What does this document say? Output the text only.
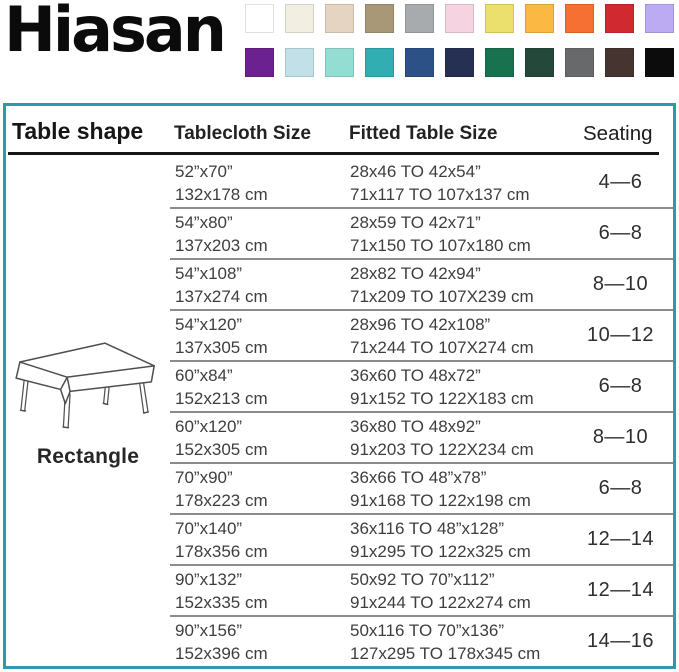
Hiasan
Table shape Tablecloth Size Fitted Table Size	Seating
Rectangle
52”x70”
132x178 cm
28x46 TO 42x54”
71x117 TO 107x137 cm
4—6
54”x80”
137x203 cm
28x59 TO 42x71”
71x150 TO 107x180 cm
6—8
54”x108”
137x274 cm
28x82 TO 42x94”
71x209 TO 107X239 cm
8—10
54”x120”
137x305 cm
28x96 TO 42x108”
71x244 TO 107X274 cm
10—12
60”x84”
152x213 cm
36x60 TO 48x72”
91x152 TO 122X183 cm
6—8
60”x120”
152x305 cm
36x80 TO 48x92”
91x203 TO 122X234 cm
8—10
70”x90”
178x223 cm
36x66 TO 48”x78”
91x168 TO 122x198 cm
6—8
70”x140”
178x356 cm
36x116 TO 48”x128”
91x295 TO 122x325 cm
12—14
90”x132”
152x335 cm
50x92 TO 70”x112”
91x244 TO 122x274 cm
12—14
90”x156”
152x396 cm
50x116 TO 70”x136”
127x295 TO 178x345 cm
14—16
